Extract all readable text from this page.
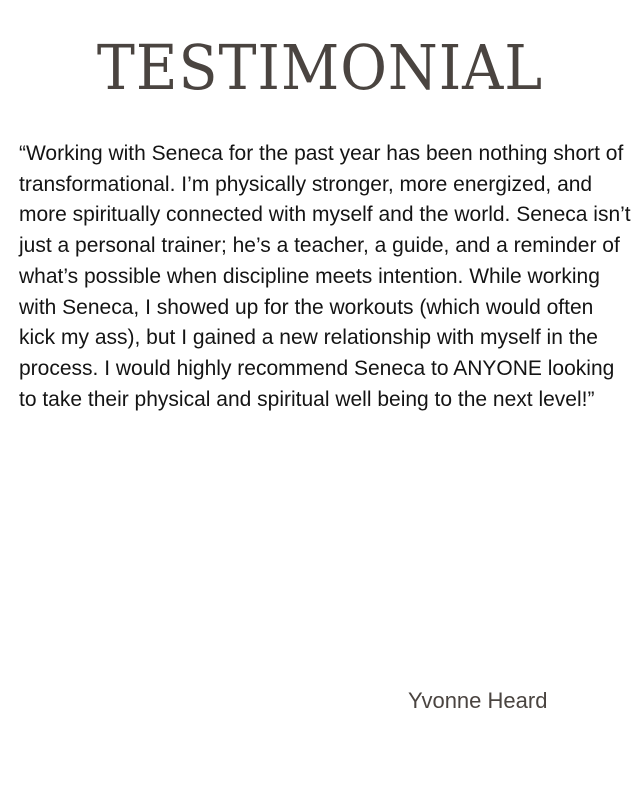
TESTIMONIAL

“Working with Seneca for the past year has been nothing short of transformational. I’m physically stronger, more energized, and more spiritually connected with myself and the world. Seneca isn’t just a personal trainer; he’s a teacher, a guide, and a reminder of what’s possible when discipline meets intention. While working with Seneca, I showed up for the workouts (which would often kick my ass), but I gained a new relationship with myself in the process. I would highly recommend Seneca to ANYONE looking to take their physical and spiritual well being to the next level!”

Yvonne Heard
